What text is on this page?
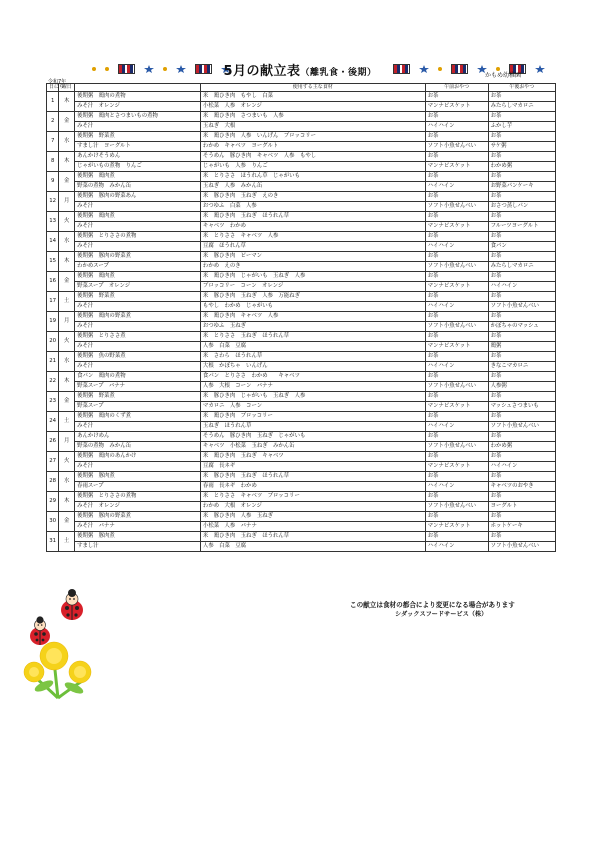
5月の献立表（離乳食・後期）	かもめ幼稚園
令和7年
日にち	曜日		使用する主な食材	午前おやつ	午後おやつ
1	木	後期粥　鶏肉の煮物	米　鶏ひき肉　もやし　白菜	お茶	お茶
		みそ汁　オレンジ	小松菜　人参　オレンジ	マンナビスケット	みたらしマカロニ
2	金	後期粥　鶏肉とさつまいもの煮物	米　鶏ひき肉　さつまいも　人参	お茶	お茶
		みそ汁	玉ねぎ　大根	ハイハイン	ふかし芋
7	水	後期粥　野菜煮	米　鶏ひき肉　人参　いんげん　ブロッコリー	お茶	お茶
		すまし汁　ヨーグルト	わかめ　キャベツ　ヨーグルト	ソフト小魚せんべい	サケ粥
8	木	あんかけそうめん	そうめん　豚ひき肉　キャベツ　人参　もやし	お茶	お茶
		じゃがいもの煮物　りんご	じゃがいも　人参　りんご	マンナビスケット	わかめ粥
9	金	後期粥　鶏肉煮	米　とりささ　ほうれん草　じゃがいも	お茶	お茶
		野菜の煮物　みかん缶	玉ねぎ　人参　みかん缶	ハイハイン	お野菜パンケーキ
12	月	後期粥　豚肉の野菜あん	米　豚ひき肉　玉ねぎ　えのき	お茶	お茶
		みそ汁	おつゆふ　白菜　人参	ソフト小魚せんべい	おさつ蒸しパン
13	火	後期粥　鶏肉煮	米　鶏ひき肉　玉ねぎ　ほうれん草	お茶	お茶
		みそ汁	キャベツ　わかめ	マンナビスケット	フルーツヨーグルト
14	水	後期粥　とりささの煮物	米　とりささ　キャベツ　人参	お茶	お茶
		みそ汁	豆腐　ほうれん草	ハイハイン	食パン
15	木	後期粥　豚肉の野菜煮	米　豚ひき肉　ピーマン	お茶	お茶
		わかめスープ	わかめ　えのき	ソフト小魚せんべい	みたらしマカロニ
16	金	後期粥　鶏肉煮	米　鶏ひき肉　じゃがいも　玉ねぎ　人参	お茶	お茶
		野菜スープ　オレンジ	ブロッコリー　コーン　オレンジ	マンナビスケット	ハイハイン
17	土	後期粥　野菜煮	米　豚ひき肉　玉ねぎ　人参　万能ねぎ	お茶	お茶
		みそ汁	もやし　わかめ　じゃがいも	ハイハイン	ソフト小魚せんべい
19	月	後期粥　鶏肉の野菜煮	米　鶏ひき肉　キャベツ　人参	お茶	お茶
		みそ汁	おつゆふ　玉ねぎ	ソフト小魚せんべい	かぼちゃのマッシュ
20	火	後期粥　とりささ煮	米　とりささ　玉ねぎ　ほうれん草	お茶	お茶
		みそ汁	人参　白菜　豆腐	マンナビスケット	鶏粥
21	水	後期粥　魚の野菜煮	米　さわら　ほうれん草	お茶	お茶
		みそ汁	大根　かぼちゃ　いんげん	ハイハイン	きなこマカロニ
22	木	食パン　鶏肉の煮物	食パン　とりささ　わかめ　　キャベツ	お茶	お茶
		野菜スープ　バナナ	人参　大根　コーン　バナナ	ソフト小魚せんべい	人参粥
23	金	後期粥　野菜煮	米　豚ひき肉　じゃがいも　玉ねぎ　人参	お茶	お茶
		野菜スープ	マカロニ　人参　コーン	マンナビスケット	マッシュさつまいも
24	土	後期粥　鶏肉のくず煮	米　鶏ひき肉　ブロッコリー	お茶	お茶
		みそ汁	玉ねぎ　ほうれん草	ハイハイン	ソフト小魚せんべい
26	月	あんかけめん	そうめん　豚ひき肉　玉ねぎ　じゃがいも	お茶	お茶
		野菜の煮物　みかん缶	キャベツ　小松菜　玉ねぎ　みかん缶	ソフト小魚せんべい	わかめ粥
27	火	後期粥　鶏肉のあんかけ	米　鶏ひき肉　玉ねぎ　キャベツ	お茶	お茶
		みそ汁	豆腐　長ネギ	マンナビスケット	ハイハイン
28	水	後期粥　豚肉煮	米　豚ひき肉　玉ねぎ　ほうれん草	お茶	お茶
		春雨スープ	春雨　長ネギ　わかめ	ハイハイン	キャベツのおやき
29	木	後期粥　とりささの煮物	米　とりささ　キャベツ　ブロッコリー	お茶	お茶
		みそ汁　オレンジ	わかめ　大根　オレンジ	ソフト小魚せんべい	ヨーグルト
30	金	後期粥　豚肉の野菜煮	米　豚ひき肉　人参　玉ねぎ	お茶	お茶
		みそ汁　バナナ	小松菜　人参　バナナ	マンナビスケット	ホットケーキ
31	土	後期粥　豚肉煮	米　鶏ひき肉　玉ねぎ　ほうれん草	お茶	お茶
		すまし汁	人参　白菜　豆腐	ハイハイン	ソフト小魚せんべい
この献立は食材の都合により変更になる場合があります
シダックスフードサービス（株）
